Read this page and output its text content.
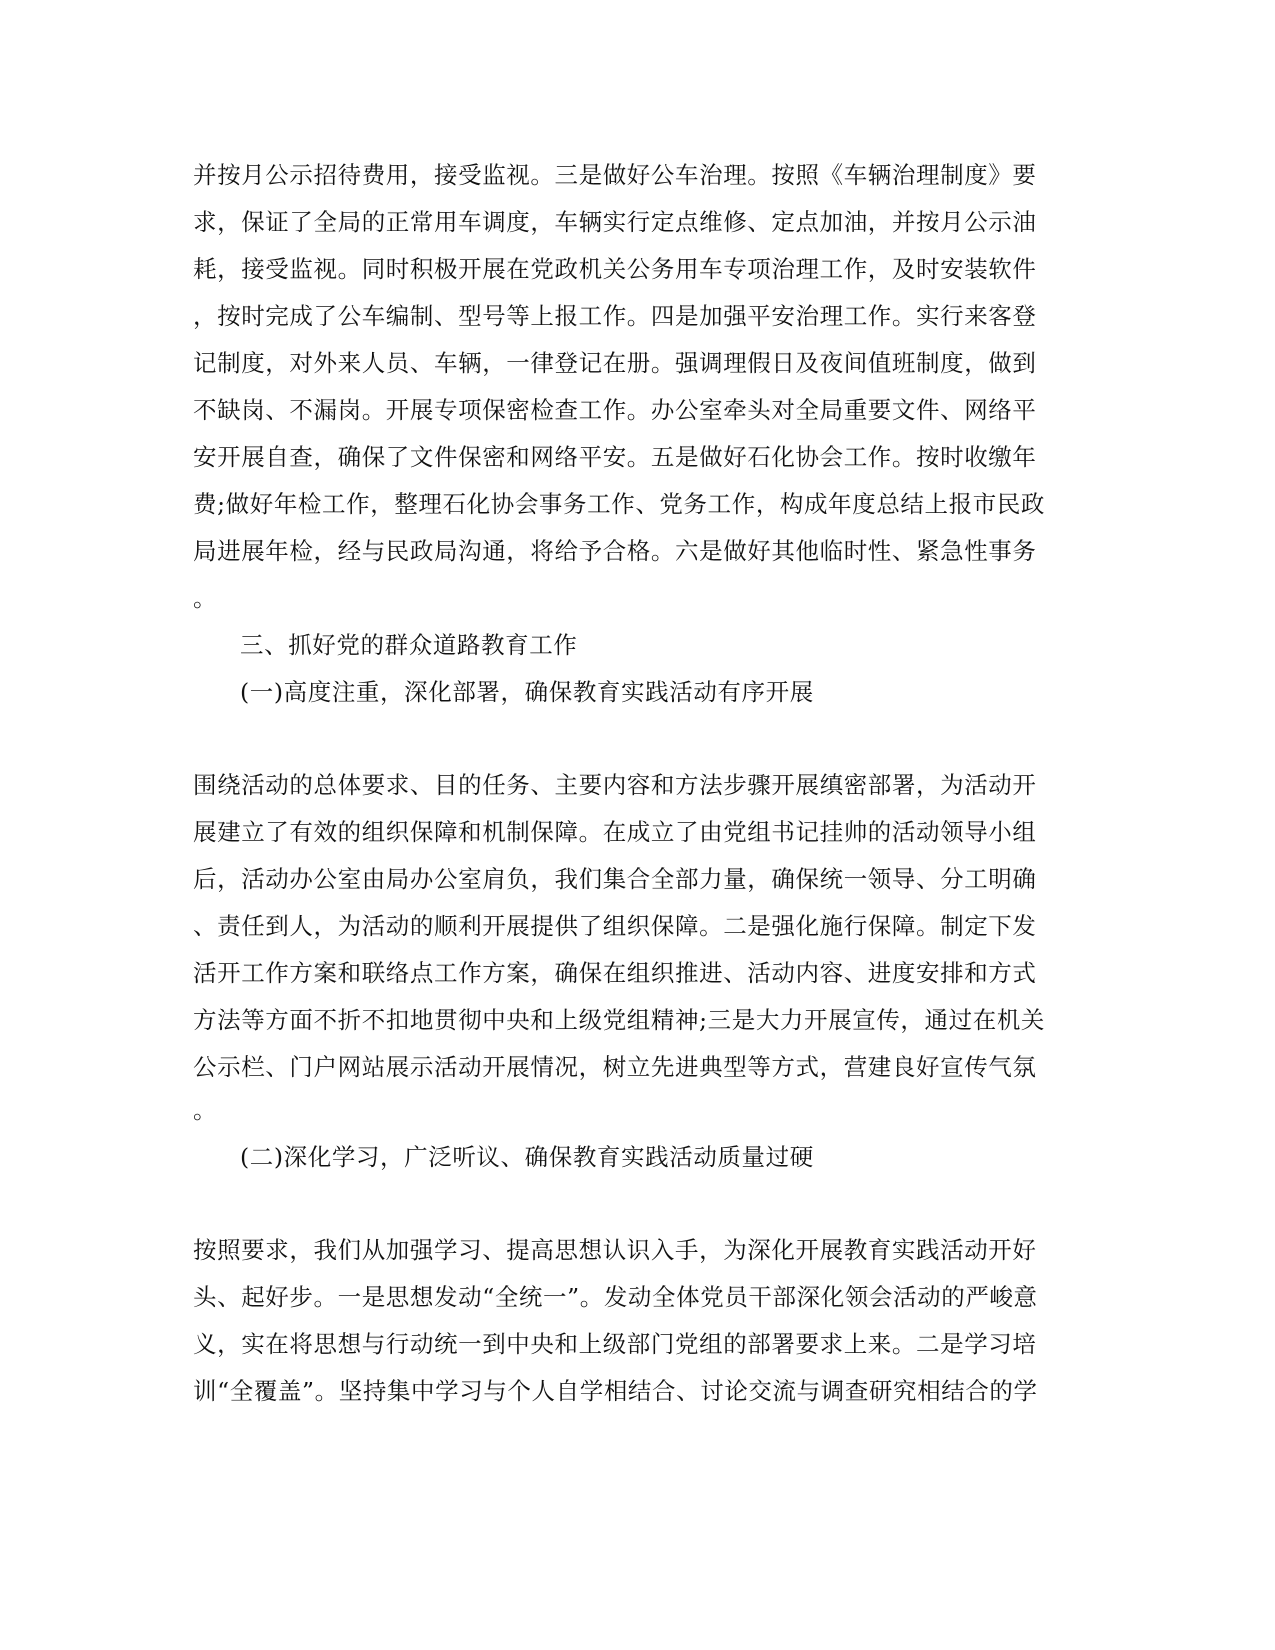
并按月公示招待费用，接受监视。三是做好公车治理。按照《车辆治理制度》要
求，保证了全局的正常用车调度，车辆实行定点维修、定点加油，并按月公示油
耗，接受监视。同时积极开展在党政机关公务用车专项治理工作，及时安装软件
，按时完成了公车编制、型号等上报工作。四是加强平安治理工作。实行来客登
记制度，对外来人员、车辆，一律登记在册。强调理假日及夜间值班制度，做到
不缺岗、不漏岗。开展专项保密检查工作。办公室牵头对全局重要文件、网络平
安开展自查，确保了文件保密和网络平安。五是做好石化协会工作。按时收缴年
费;做好年检工作，整理石化协会事务工作、党务工作，构成年度总结上报市民政
局进展年检，经与民政局沟通，将给予合格。六是做好其他临时性、紧急性事务
。
三、抓好党的群众道路教育工作
(一)高度注重，深化部署，确保教育实践活动有序开展
围绕活动的总体要求、目的任务、主要内容和方法步骤开展缜密部署，为活动开
展建立了有效的组织保障和机制保障。在成立了由党组书记挂帅的活动领导小组
后，活动办公室由局办公室肩负，我们集合全部力量，确保统一领导、分工明确
、责任到人，为活动的顺利开展提供了组织保障。二是强化施行保障。制定下发
活开工作方案和联络点工作方案，确保在组织推进、活动内容、进度安排和方式
方法等方面不折不扣地贯彻中央和上级党组精神;三是大力开展宣传，通过在机关
公示栏、门户网站展示活动开展情况，树立先进典型等方式，营建良好宣传气氛
。
(二)深化学习，广泛听议、确保教育实践活动质量过硬
按照要求，我们从加强学习、提高思想认识入手，为深化开展教育实践活动开好
头、起好步。一是思想发动“全统一”。发动全体党员干部深化领会活动的严峻意
义，实在将思想与行动统一到中央和上级部门党组的部署要求上来。二是学习培
训“全覆盖”。坚持集中学习与个人自学相结合、讨论交流与调查研究相结合的学
